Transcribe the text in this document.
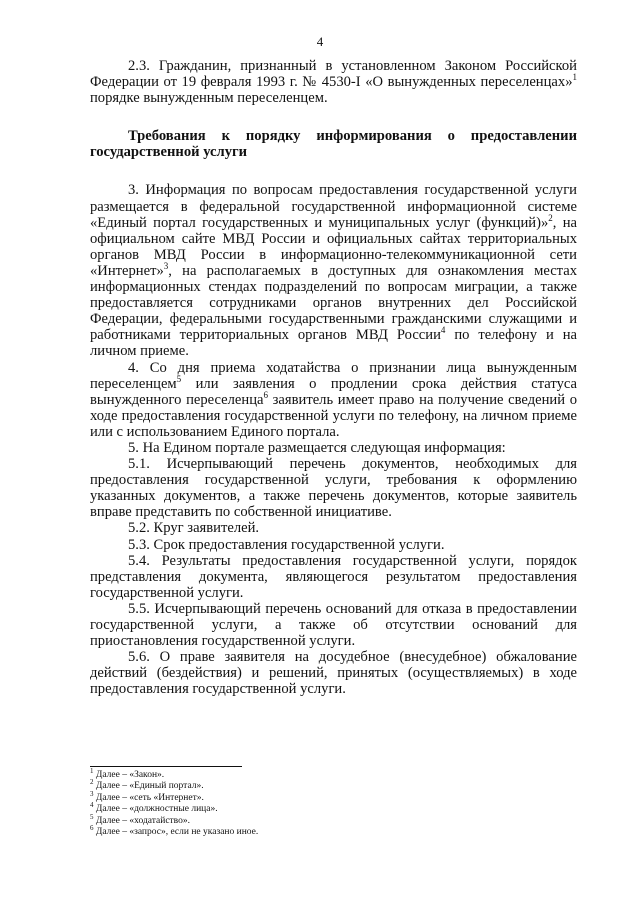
4

2.3. Гражданин, признанный в установленном Законом Российской Федерации от 19 февраля 1993 г. № 4530-I «О вынужденных переселенцах»$^1$ порядке вынужденным переселенцем.

Требования к порядку информирования о предоставлении государственной услуги

3. Информация по вопросам предоставления государственной услуги размещается в федеральной государственной информационной системе «Единый портал государственных и муниципальных услуг (функций)»$^2$, на официальном сайте МВД России и официальных сайтах территориальных органов МВД России в информационно-телекоммуникационной сети «Интернет»$^3$, на располагаемых в доступных для ознакомления местах информационных стендах подразделений по вопросам миграции, а также предоставляется сотрудниками органов внутренних дел Российской Федерации, федеральными государственными гражданскими служащими и работниками территориальных органов МВД России$^4$ по телефону и на личном приеме.

4. Со дня приема ходатайства о признании лица вынужденным переселенцем$^5$ или заявления о продлении срока действия статуса вынужденного переселенца$^6$ заявитель имеет право на получение сведений о ходе предоставления государственной услуги по телефону, на личном приеме или с использованием Единого портала.

5. На Едином портале размещается следующая информация:

5.1. Исчерпывающий перечень документов, необходимых для предоставления государственной услуги, требования к оформлению указанных документов, а также перечень документов, которые заявитель вправе представить по собственной инициативе.

5.2. Круг заявителей.

5.3. Срок предоставления государственной услуги.

5.4. Результаты предоставления государственной услуги, порядок представления документа, являющегося результатом предоставления государственной услуги.

5.5. Исчерпывающий перечень оснований для отказа в предоставлении государственной услуги, а также об отсутствии оснований для приостановления государственной услуги.

5.6. О праве заявителя на досудебное (внесудебное) обжалование действий (бездействия) и решений, принятых (осуществляемых) в ходе предоставления государственной услуги.

$^1$ Далее – «Закон».
$^2$ Далее – «Единый портал».
$^3$ Далее – «сеть «Интернет».
$^4$ Далее – «должностные лица».
$^5$ Далее – «ходатайство».
$^6$ Далее – «запрос», если не указано иное.
